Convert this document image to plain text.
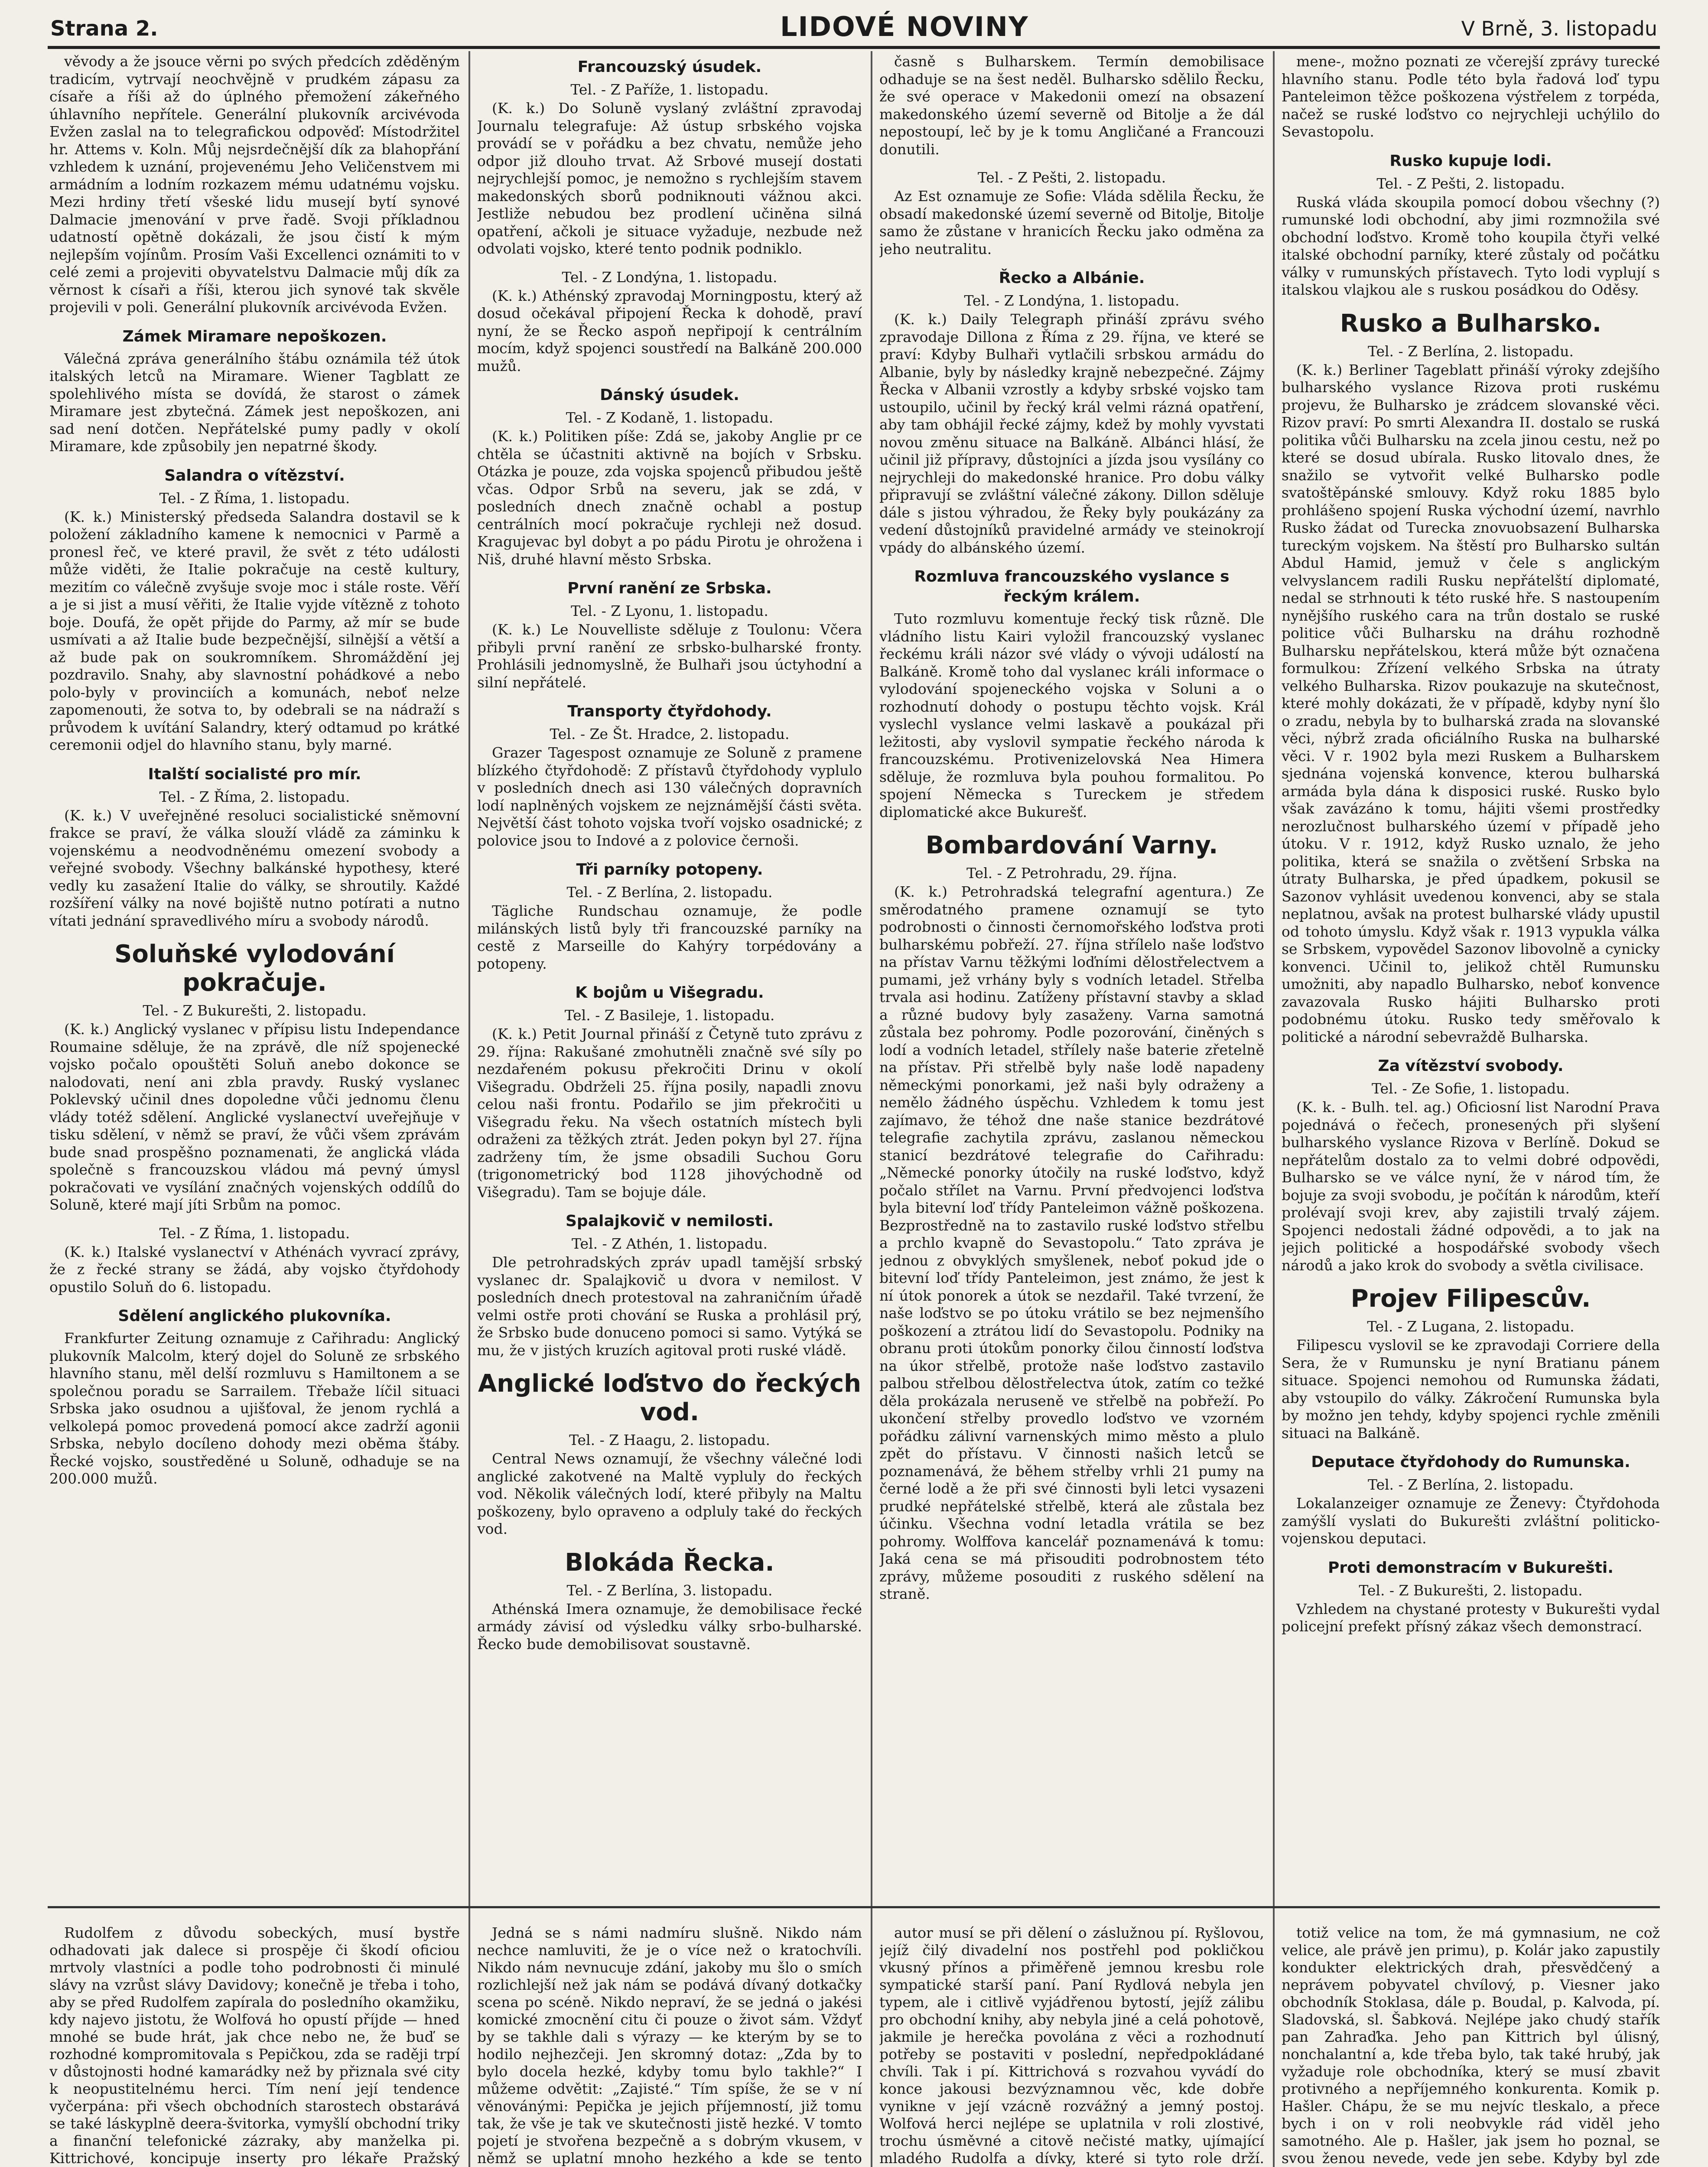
Strana 2.	LIDOVÉ NOVINY	V Brně, 3. listopadu
věvody a že jsouce věrni po svých předcích zděděným tradicím, vytrvají neochvějně v prudkém zápasu za císaře a říši až do úplného přemožení zákeřného úhlavního nepřítele. Generální plukovník arcivévoda Evžen zaslal na to telegrafickou odpověď: Místodržitel hr. Attems v. Koln. Můj nejsrdečnější dík za blahopřání vzhledem k uznání, projevenému Jeho Veličenstvem mi armádním a lodním rozkazem mému udatnému vojsku. Mezi hrdiny třetí všeské lidu musejí bytí synové Dalmacie jmenování v prve řadě. Svoji příkladnou udatností opětně dokázali, že jsou čistí k mým nejlepším vojínům. Prosím Vaši Excellenci oznámiti to v celé zemi a projeviti obyvatelstvu Dalmacie můj dík za věrnost k císaři a říši, kterou jich synové tak skvěle projevili v poli. Generální plukovník arcivévoda Evžen.
Zámek Miramare nepoškozen.
Válečná zpráva generálního štábu oznámila též útok italských letců na Miramare. Wiener Tagblatt ze spolehlivého místa se dovídá, že starost o zámek Miramare jest zbytečná. Zámek jest nepoškozen, ani sad není dotčen. Nepřátelské pumy padly v okolí Miramare, kde způsobily jen nepatrné škody.
Salandra o vítězství.
Tel. - Z Říma, 1. listopadu.
(K. k.) Ministerský předseda Salandra dostavil se k položení základního kamene k nemocnici v Parmě a pronesl řeč, ve které pravil, že svět z této události může viděti, že Italie pokračuje na cestě kultury, mezitím co válečně zvyšuje svoje moc i stále roste. Věří a je si jist a musí věřiti, že Italie vyjde vítězně z tohoto boje. Doufá, že opět přijde do Parmy, až mír se bude usmívati a až Italie bude bezpečnější, silnější a větší a až bude pak on soukromníkem. Shromáždění jej pozdravilo. Snahy, aby slavnostní pohádkové a nebo polo-byly v provinciích a komunách, neboť nelze zapomenouti, že sotva to, by odebrali se na nádraží s průvodem k uvítání Salandry, který odtamud po krátké ceremonii odjel do hlavního stanu, byly marné.
Italští socialisté pro mír.
Tel. - Z Říma, 2. listopadu.
(K. k.) V uveřejněné resoluci socialistické sněmovní frakce se praví, že válka slouží vládě za záminku k vojenskému a neodvodněnému omezení svobody a veřejné svobody. Všechny balkánské hypothesy, které vedly ku zasažení Italie do války, se shroutily. Každé rozšíření války na nové bojiště nutno potírati a nutno vítati jednání spravedlivého míru a svobody národů.
Soluňské vylodování pokračuje.
Tel. - Z Bukurešti, 2. listopadu.
(K. k.) Anglický vyslanec v přípisu listu Independance Roumaine sděluje, že na zprávě, dle níž spojenecké vojsko počalo opouštěti Soluň anebo dokonce se nalodovati, není ani zbla pravdy. Ruský vyslanec Poklevský učinil dnes dopoledne vůči jednomu členu vlády totéž sdělení. Anglické vyslanectví uveřejňuje v tisku sdělení, v němž se praví, že vůči všem zprávám bude snad prospěšno poznamenati, že anglická vláda společně s francouzskou vládou má pevný úmysl pokračovati ve vysílání značných vojenských oddílů do Soluně, které mají jíti Srbům na pomoc.
Tel. - Z Říma, 1. listopadu.
(K. k.) Italské vyslanectví v Athénách vyvrací zprávy, že z řecké strany se žádá, aby vojsko čtyřdohody opustilo Soluň do 6. listopadu.
Sdělení anglického plukovníka.
Frankfurter Zeitung oznamuje z Cařihradu: Anglický plukovník Malcolm, který dojel do Soluně ze srbského hlavního stanu, měl delší rozmluvu s Hamiltonem a se společnou poradu se Sarrailem. Třebaže líčil situaci Srbska jako osudnou a ujišťoval, že jenom rychlá a velkolepá pomoc provedená pomocí akce zadrží agonii Srbska, nebylo docíleno dohody mezi oběma štáby. Řecké vojsko, soustředěné u Soluně, odhaduje se na 200.000 mužů.
Francouzský úsudek.
Tel. - Z Paříže, 1. listopadu.
(K. k.) Do Soluně vyslaný zvláštní zpravodaj Journalu telegrafuje: Až ústup srbského vojska provádí se v pořádku a bez chvatu, nemůže jeho odpor již dlouho trvat. Až Srbové musejí dostati nejrychlejší pomoc, je nemožno s rychlejším stavem makedonských sborů podniknouti vážnou akci. Jestliže nebudou bez prodlení učiněna silná opatření, ačkoli je situace vyžaduje, nezbude než odvolati vojsko, které tento podnik podniklo.
Tel. - Z Londýna, 1. listopadu.
(K. k.) Athénský zpravodaj Morningpostu, který až dosud očekával připojení Řecka k dohodě, praví nyní, že se Řecko aspoň nepřipojí k centrálním mocím, když spojenci soustředí na Balkáně 200.000 mužů.
Dánský úsudek.
Tel. - Z Kodaně, 1. listopadu.
(K. k.) Politiken píše: Zdá se, jakoby Anglie pr ce chtěla se účastniti aktivně na bojích v Srbsku. Otázka je pouze, zda vojska spojenců přibudou ještě včas. Odpor Srbů na severu, jak se zdá, v posledních dnech značně ochabl a postup centrálních mocí pokračuje rychleji než dosud. Kragujevac byl dobyt a po pádu Pirotu je ohrožena i Niš, druhé hlavní město Srbska.
První ranění ze Srbska.
Tel. - Z Lyonu, 1. listopadu.
(K. k.) Le Nouvelliste sděluje z Toulonu: Včera přibyli první ranění ze srbsko-bulharské fronty. Prohlásili jednomyslně, že Bulhaři jsou úctyhodní a silní nepřátelé.
Transporty čtyřdohody.
Tel. - Ze Št. Hradce, 2. listopadu.
Grazer Tagespost oznamuje ze Soluně z pramene blízkého čtyřdohodě: Z přístavů čtyřdohody vyplulo v posledních dnech asi 130 válečných dopravních lodí naplněných vojskem ze nejznámější části světa. Největší část tohoto vojska tvoří vojsko osadnické; z polovice jsou to Indové a z polovice černoši.
Tři parníky potopeny.
Tel. - Z Berlína, 2. listopadu.
Tägliche Rundschau oznamuje, že podle milánských listů byly tři francouzské parníky na cestě z Marseille do Kahýry torpédovány a potopeny.
K bojům u Višegradu.
Tel. - Z Basileje, 1. listopadu.
(K. k.) Petit Journal přináší z Četyně tuto zprávu z 29. října: Rakušané zmohutněli značně své síly po nezdařeném pokusu překročiti Drinu v okolí Višegradu. Obdrželi 25. října posily, napadli znovu celou naši frontu. Podařilo se jim překročiti u Višegradu řeku. Na všech ostatních místech byli odraženi za těžkých ztrát. Jeden pokyn byl 27. října zadrženy tím, že jsme obsadili Suchou Goru (trigonometrický bod 1128 jihovýchodně od Višegradu). Tam se bojuje dále.
Spalajkovič v nemilosti.
Tel. - Z Athén, 1. listopadu.
Dle petrohradských zpráv upadl tamější srbský vyslanec dr. Spalajkovič u dvora v nemilost. V posledních dnech protestoval na zahraničním úřadě velmi ostře proti chování se Ruska a prohlásil prý, že Srbsko bude donuceno pomoci si samo. Vytýká se mu, že v jistých kruzích agitoval proti ruské vládě.
Anglické loďstvo do řeckých vod.
Tel. - Z Haagu, 2. listopadu.
Central News oznamují, že všechny válečné lodi anglické zakotvené na Maltě vypluly do řeckých vod. Několik válečných lodí, které přibyly na Maltu poškozeny, bylo opraveno a odpluly také do řeckých vod.
Blokáda Řecka.
Tel. - Z Berlína, 3. listopadu.
Athénská Imera oznamuje, že demobilisace řecké armády závisí od výsledku války srbo-bulharské. Řecko bude demobilisovat soustavně.
časně s Bulharskem. Termín demobilisace odhaduje se na šest neděl. Bulharsko sdělilo Řecku, že své operace v Makedonii omezí na obsazení makedonského území severně od Bitolje a že dál nepostoupí, leč by je k tomu Angličané a Francouzi donutili.
Tel. - Z Pešti, 2. listopadu.
Az Est oznamuje ze Sofie: Vláda sdělila Řecku, že obsadí makedonské území severně od Bitolje, Bitolje samo že zůstane v hranicích Řecku jako odměna za jeho neutralitu.
Řecko a Albánie.
Tel. - Z Londýna, 1. listopadu.
(K. k.) Daily Telegraph přináší zprávu svého zpravodaje Dillona z Říma z 29. října, ve které se praví: Kdyby Bulhaři vytlačili srbskou armádu do Albanie, byly by následky krajně nebezpečné. Zájmy Řecka v Albanii vzrostly a kdyby srbské vojsko tam ustoupilo, učinil by řecký král velmi rázná opatření, aby tam obhájil řecké zájmy, kdež by mohly vyvstati novou změnu situace na Balkáně. Albánci hlásí, že učinil již přípravy, důstojníci a jízda jsou vysílány co nejrychleji do makedonské hranice. Pro dobu války připravují se zvláštní válečné zákony. Dillon sděluje dále s jistou výhradou, že Řeky byly poukázány za vedení důstojníků pravidelné armády ve steinokrojí vpády do albánského území.
Rozmluva francouzského vyslance s řeckým králem.
Tuto rozmluvu komentuje řecký tisk různě. Dle vládního listu Kairi vyložil francouzský vyslanec řeckému králi názor své vlády o vývoji událostí na Balkáně. Kromě toho dal vyslanec králi informace o vylodování spojeneckého vojska v Soluni a o rozhodnutí dohody o postupu těchto vojsk. Král vyslechl vyslance velmi laskavě a poukázal při ležitosti, aby vyslovil sympatie řeckého národa k francouzskému. Protivenizelovská Nea Himera sděluje, že rozmluva byla pouhou formalitou. Po spojení Německa s Tureckem je středem diplomatické akce Bukurešť.
Bombardování Varny.
Tel. - Z Petrohradu, 29. října.
(K. k.) Petrohradská telegrafní agentura.) Ze směrodatného pramene oznamují se tyto podrobnosti o činnosti černomořského loďstva proti bulharskému pobřeží. 27. října střílelo naše loďstvo na přístav Varnu těžkými loďními dělostřelectvem a pumami, jež vrhány byly s vodních letadel. Střelba trvala asi hodinu. Zatíženy přístavní stavby a sklad a různé budovy byly zasaženy. Varna samotná zůstala bez pohromy. Podle pozorování, činěných s lodí a vodních letadel, střílely naše baterie zřetelně na přístav. Při střelbě byly naše lodě napadeny německými ponorkami, jež naši byly odraženy a nemělo žádného úspěchu. Vzhledem k tomu jest zajímavo, že téhož dne naše stanice bezdrátové telegrafie zachytila zprávu, zaslanou německou stanicí bezdrátové telegrafie do Cařihradu: „Německé ponorky útočily na ruské loďstvo, když počalo střílet na Varnu. První předvojenci loďstva byla bitevní loď třídy Panteleimon vážně poškozena. Bezprostředně na to zastavilo ruské loďstvo střelbu a prchlo kvapně do Sevastopolu.“ Tato zpráva je jednou z obvyklých smyšlenek, neboť pokud jde o bitevní loď třídy Panteleimon, jest známo, že jest k ní útok ponorek a útok se nezdařil. Také tvrzení, že naše loďstvo se po útoku vrátilo se bez nejmenšího poškození a ztrátou lidí do Sevastopolu. Podniky na obranu proti útokům ponorky čilou činností loďstva na úkor střelbě, protože naše loďstvo zastavilo palbou střelbou dělostřelectva útok, zatím co težké děla prokázala neruseně ve střelbě na pobřeží. Po ukončení střelby provedlo loďstvo ve vzorném pořádku zálivní varnenských mimo město a plulo zpět do přístavu. V činnosti našich letců se poznamenává, že během střelby vrhli 21 pumy na černé lodě a že při své činnosti byli letci vysazeni prudké nepřátelské střelbě, která ale zůstala bez účinku. Všechna vodní letadla vrátila se bez pohromy. Wolffova kancelář poznamenává k tomu: Jaká cena se má přisouditi podrobnostem této zprávy, můžeme posouditi z ruského sdělení na straně.
mene-, možno poznati ze včerejší zprávy turecké hlavního stanu. Podle této byla řadová loď typu Panteleimon těžce poškozena výstřelem z torpéda, načež se ruské loďstvo co nejrychleji uchýlilo do Sevastopolu.
Rusko kupuje lodi.
Tel. - Z Pešti, 2. listopadu.
Ruská vláda skoupila pomocí dobou všechny (?) rumunské lodi obchodní, aby jimi rozmnožila své obchodní loďstvo. Kromě toho koupila čtyři velké italské obchodní parníky, které zůstaly od počátku války v rumunských přístavech. Tyto lodi vyplují s italskou vlajkou ale s ruskou posádkou do Oděsy.
Rusko a Bulharsko.
Tel. - Z Berlína, 2. listopadu.
(K. k.) Berliner Tageblatt přináší výroky zdejšího bulharského vyslance Rizova proti ruskému projevu, že Bulharsko je zrádcem slovanské věci. Rizov praví: Po smrti Alexandra II. dostalo se ruská politika vůči Bulharsku na zcela jinou cestu, než po které se dosud ubírala. Rusko litovalo dnes, že snažilo se vytvořit velké Bulharsko podle svatoštěpánské smlouvy. Když roku 1885 bylo prohlášeno spojení Ruska východní území, navrhlo Rusko žádat od Turecka znovuobsazení Bulharska tureckým vojskem. Na štěstí pro Bulharsko sultán Abdul Hamid, jemuž v čele s anglickým velvyslancem radili Rusku nepřátelští diplomaté, nedal se strhnouti k této ruské hře. S nastoupením nynějšího ruského cara na trůn dostalo se ruské politice vůči Bulharsku na dráhu rozhodně Bulharsku nepřátelskou, která může být označena formulkou: Zřízení velkého Srbska na útraty velkého Bulharska. Rizov poukazuje na skutečnost, které mohly dokázati, že v případě, kdyby nyní šlo o zradu, nebyla by to bulharská zrada na slovanské věci, nýbrž zrada oficiálního Ruska na bulharské věci. V r. 1902 byla mezi Ruskem a Bulharskem sjednána vojenská konvence, kterou bulharská armáda byla dána k disposici ruské. Rusko bylo však zavázáno k tomu, hájiti všemi prostředky nerozlučnost bulharského území v případě jeho útoku. V r. 1912, když Rusko uznalo, že jeho politika, která se snažila o zvětšení Srbska na útraty Bulharska, je před úpadkem, pokusil se Sazonov vyhlásit uvedenou konvenci, aby se stala neplatnou, avšak na protest bulharské vlády upustil od tohoto úmyslu. Když však r. 1913 vypukla válka se Srbskem, vypovědel Sazonov libovolně a cynicky konvenci. Učinil to, jelikož chtěl Rumunsku umožniti, aby napadlo Bulharsko, neboť konvence zavazovala Rusko hájiti Bulharsko proti podobnému útoku. Rusko tedy směřovalo k politické a národní sebevraždě Bulharska.
Za vítězství svobody.
Tel. - Ze Sofie, 1. listopadu.
(K. k. - Bulh. tel. ag.) Oficiosní list Narodní Prava pojednává o řečech, pronesených při slyšení bulharského vyslance Rizova v Berlíně. Dokud se nepřátelům dostalo za to velmi dobré odpovědi, Bulharsko se ve válce nyní, že v národ tím, že bojuje za svoji svobodu, je počítán k národům, kteří prolévají svoji krev, aby zajistili trvalý zájem. Spojenci nedostali žádné odpovědi, a to jak na jejich politické a hospodářské svobody všech národů a jako krok do svobody a světla civilisace.
Projev Filipescův.
Tel. - Z Lugana, 2. listopadu.
Filipescu vyslovil se ke zpravodaji Corriere della Sera, že v Rumunsku je nyní Bratianu pánem situace. Spojenci nemohou od Rumunska žádati, aby vstoupilo do války. Zákročení Rumunska byla by možno jen tehdy, kdyby spojenci rychle změnili situaci na Balkáně.
Deputace čtyřdohody do Rumunska.
Tel. - Z Berlína, 2. listopadu.
Lokalanzeiger oznamuje ze Ženevy: Čtyřdohoda zamýšlí vyslati do Bukurešti zvláštní politicko-vojenskou deputaci.
Proti demonstracím v Bukurešti.
Tel. - Z Bukurešti, 2. listopadu.
Vzhledem na chystané protesty v Bukurešti vydal policejní prefekt přísný zákaz všech demonstrací.
Rudolfem z důvodu sobeckých, musí bystře odhadovati jak dalece si prospěje či škodí oficiou mrtvoly vlastníci a podle toho podrobnosti či minulé slávy na vzrůst slávy Davidovy; konečně je třeba i toho, aby se před Rudolfem zapírala do posledního okamžiku, kdy najevo jistotu, že Wolfová ho opustí příjde — hned mnohé se bude hrát, jak chce nebo ne, že buď se rozhodné kompromitovala s Pepičkou, zda se raději trpí v důstojnosti hodné kamarádky než by přiznala své city k neopustitelnému herci. Tím není její tendence vyčerpána: při všech obchodních starostech obstarává se také láskyplně deera-švitorka, vymyšlí obchodní triky a finanční telefonické zázraky, aby manželka pi. Kittrichové, koncipuje inserty pro lékaře Pražský
Jedná se s námi nadmíru slušně. Nikdo nám nechce namluviti, že je o více než o kratochvíli. Nikdo nám nevnucuje zdání, jakoby mu šlo o smích rozlichlejší než jak nám se podává dívaný dotkačky scena po scéně. Nikdo nepraví, že se jedná o jakési komické zmocnění citu či pouze o život sám. Vždyť by se takhle dali s výrazy — ke kterým by se to hodilo nejhezčeji. Jen skromný dotaz: „Zda by to bylo docela hezké, kdyby tomu bylo takhle?“ I můžeme odvětit: „Zajisté.“ Tím spíše, že se v ní věnovánými: Pepička je jejich příjemností, již tomu tak, že vše je tak ve skutečnosti jistě hezké. V tomto pojetí je stvořena bezpečně a s dobrým vkusem, v němž se uplatní mnoho hezkého a kde se tento
autor musí se při dělení o záslužnou pí. Ryšlovou, jejíž čilý divadelní nos postřehl pod pokličkou vkusný přínos a přiměřeně jemnou kresbu role sympatické starší paní. Paní Rydlová nebyla jen typem, ale i citlivě vyjádřenou bytostí, jejíž zálibu pro obchodní knihy, aby nebyla jiné a celá pohotově, jakmile je herečka povolána z věci a rozhodnutí potřeby se postaviti v poslední, nepředpokládané chvíli. Tak i pí. Kittrichová s rozvahou vyvádí do konce jakousi bezvýznamnou věc, kde dobře vynikne v její vzácně rozvážný a jemný postoj. Wolfová herci nejlépe se uplatnila v roli zlostivé, trochu úsměvné a citově nečisté matky, ujímající mladého Rudolfa a dívky, které si tyto role drží.
totiž velice na tom, že má gymnasium, ne což velice, ale právě jen primu), p. Kolár jako zapustily kondukter elektrických drah, přesvědčený a neprávem pobyvatel chvílový, p. Viesner jako obchodník Stoklasa, dále p. Boudal, p. Kalvoda, pí. Sladovská, sl. Šabková. Nejlépe jako chudý stařík pan Zahraďka. Jeho pan Kittrich byl úlisný, nonchalantní a, kde třeba bylo, tak také hrubý, jak vyžaduje role obchodníka, který se musí zbavit protivného a nepříjemného konkurenta. Komik p. Hašler. Chápu, že se mu nejvíc tleskalo, a přece bych i on v roli neobvykle rád viděl jeho samotného. Ale p. Hašler, jak jsem ho poznal, se svou ženou nevede, vede jen sebe. Kdyby byl zde
